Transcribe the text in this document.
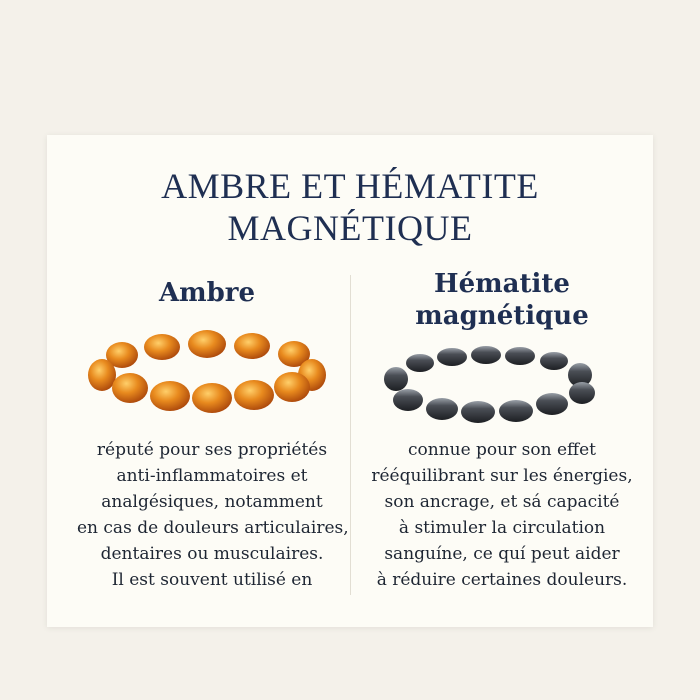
AMBRE ET HÉMATITE
MAGNÉTIQUE
Ambre	Hématite
magnétique
réputé pour ses propriétés
anti-inflammatoires et
analgésiques, notamment
en cas de douleurs articulaires,
dentaires ou musculaires.
Il est souvent utilisé en
connue pour son effet
rééquilibrant sur les énergies,
son ancrage, et sá capacité
à stimuler la circulation
sanguíne, ce quí peut aider
à réduire certaines douleurs.
